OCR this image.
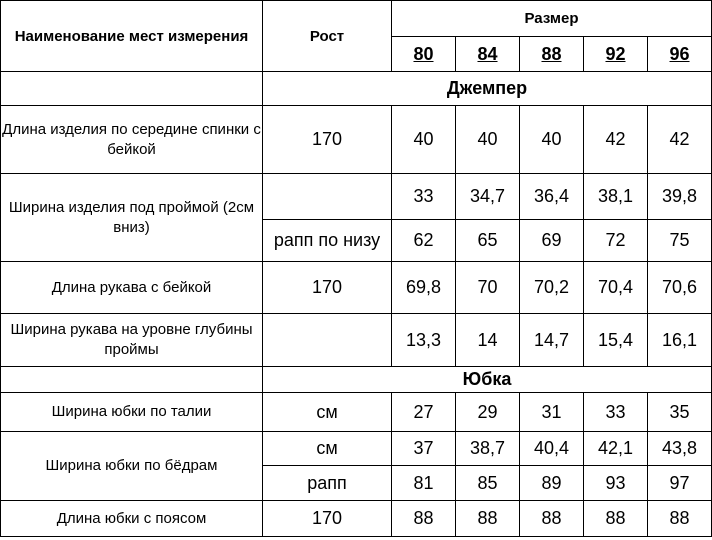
Наименование мест измерения	Рост	Размер				
		80	84	88	92	96
	Джемпер					
Длина изделия по середине спинки с бейкой	170	40	40	40	42	42
Ширина изделия под проймой (2см вниз)		33	34,7	36,4	38,1	39,8
	рапп по низу	62	65	69	72	75
Длина рукава с бейкой	170	69,8	70	70,2	70,4	70,6
Ширина рукава на уровне глубины проймы		13,3	14	14,7	15,4	16,1
	Юбка					
Ширина юбки по талии	см	27	29	31	33	35
Ширина юбки по бёдрам	см	37	38,7	40,4	42,1	43,8
	рапп	81	85	89	93	97
Длина юбки с поясом	170	88	88	88	88	88
